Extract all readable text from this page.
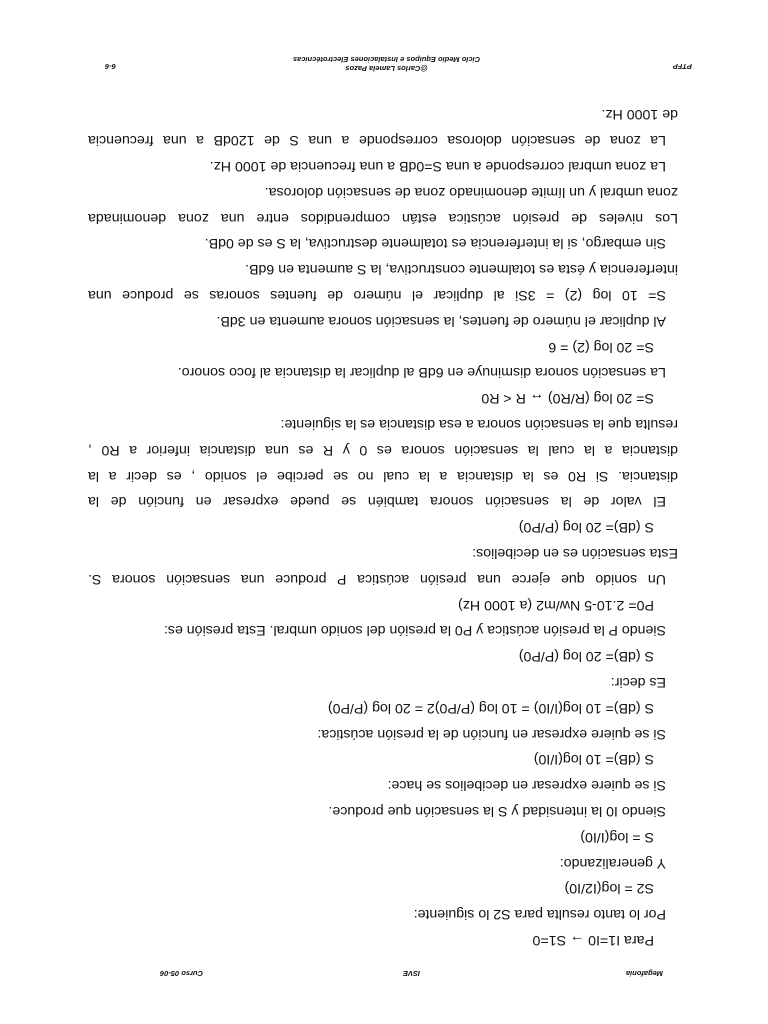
Megafonía
ISVE
Curso 05-06

Para I1=I0 → S1=0

Por lo tanto resulta para S2 lo siguiente:

S2 = log(I2/I0)

Y generalizando:

S = log(I/I0)

Siendo I0 la intensidad y S la sensación que produce.

Si se quiere expresar en decibelios se hace:

S (dB)= 10 log(I/I0)

Si se quiere expresar en función de la presión acústica:

S (dB)= 10 log(I/I0) = 10 log (P/P0)2 = 20 log (P/P0)

Es decir:

S (dB)= 20 log (P/P0)

Siendo P la presión acústica y P0 la presión del sonido umbral. Esta presión es:

P0= 2.10-5 Nw/m2 (a 1000 Hz)

Un sonido que ejerce una presión acústica P produce una sensación sonora S.

Esta sensación es en decibelios:

S (dB)= 20 log (P/P0)

El valor de la sensación sonora también se puede expresar en función de la

distancia. Si R0 es la distancia a la cual no se percibe el sonido , es decir a la

distancia a la cual la sensación sonora es 0 y R es una distancia inferior a R0 ,

resulta que la sensación sonora a esa distancia es la siguiente:

S= 20 log (R/R0) ↔ R < R0

La sensación sonora disminuye en 6dB al duplicar la distancia al foco sonoro.

S= 20 log (2) = 6

Al duplicar el número de fuentes, la sensación sonora aumenta en 3dB.

S= 10 log (2) = 3Si al duplicar el número de fuentes sonoras se produce una

interferencia y ésta es totalmente constructiva, la S aumenta en 6dB.

Sin embargo, si la interferencia es totalmente destructiva, la S es de 0dB.

Los niveles de presión acústica están comprendidos entre una zona denominada

zona umbral y un límite denominado zona de sensación dolorosa.

La zona umbral corresponde a una S=0dB a una frecuencia de 1000 Hz.

La zona de sensación dolorosa corresponde a una S de 120dB a una frecuencia

de 1000 Hz.

@Carlos Lamela Pazos
Ciclo Medio Equipos e Instalaciones Electrotécnicas
6-6	PTFP
